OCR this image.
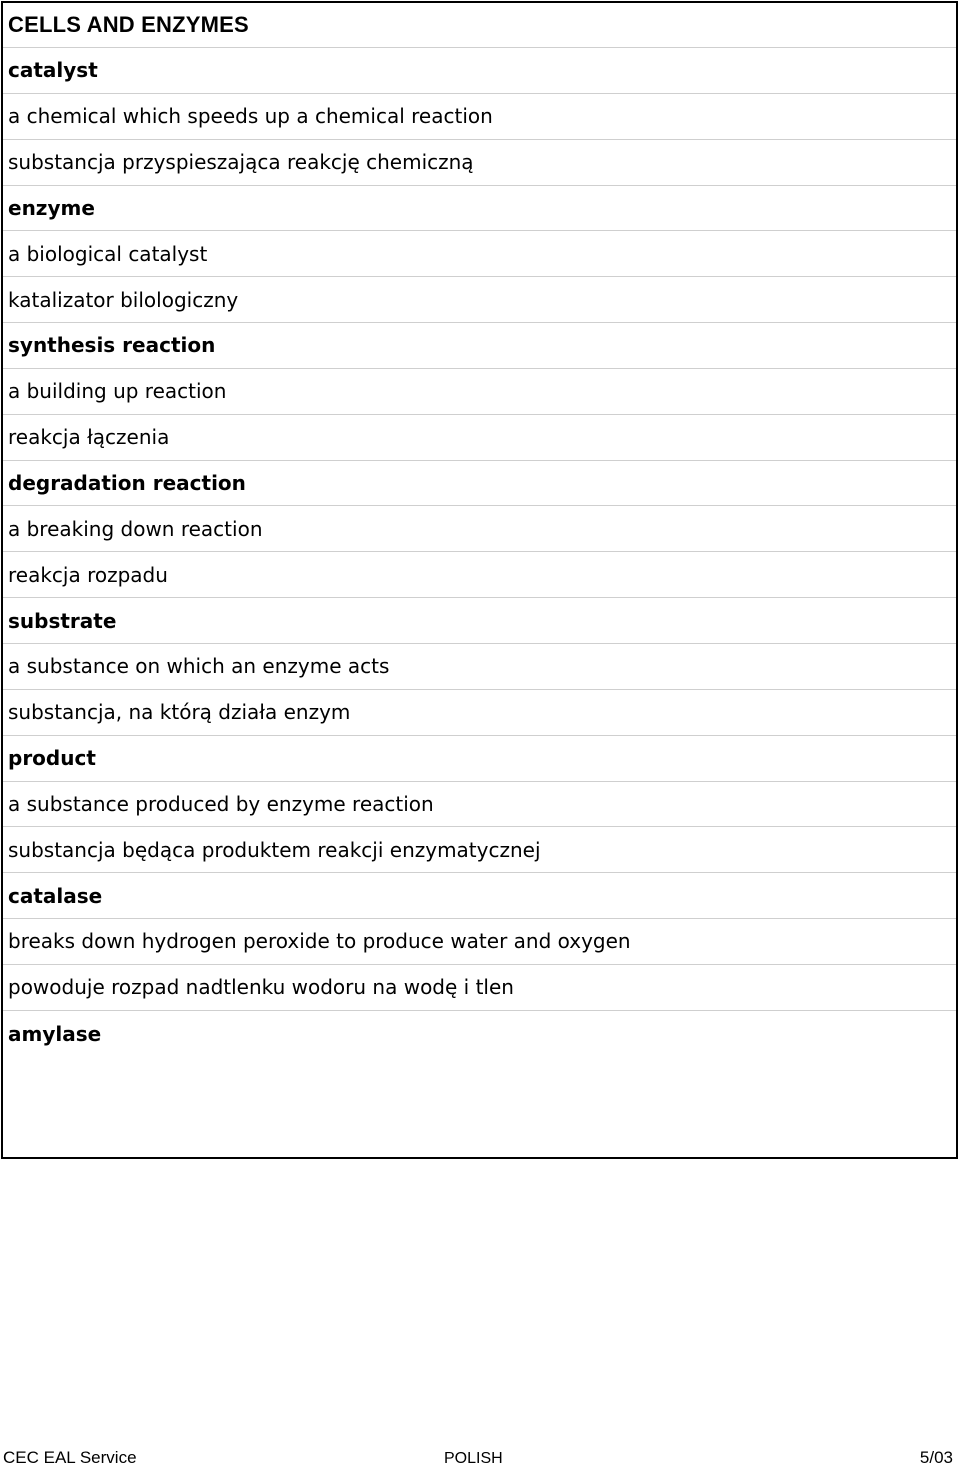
CELLS AND ENZYMES
catalyst
a chemical which speeds up a chemical reaction
substancja przyspieszająca reakcję chemiczną
enzyme
a biological catalyst
katalizator bilologiczny
synthesis reaction
a building up reaction
reakcja łączenia
degradation reaction
a breaking down reaction
reakcja rozpadu
substrate
a substance on which an enzyme acts
substancja, na którą działa enzym
product
a substance produced by enzyme reaction
substancja będąca produktem reakcji enzymatycznej
catalase
breaks down hydrogen peroxide to produce water and oxygen
powoduje rozpad nadtlenku wodoru na wodę i tlen
amylase
CEC EAL Service	POLISH	5/03
